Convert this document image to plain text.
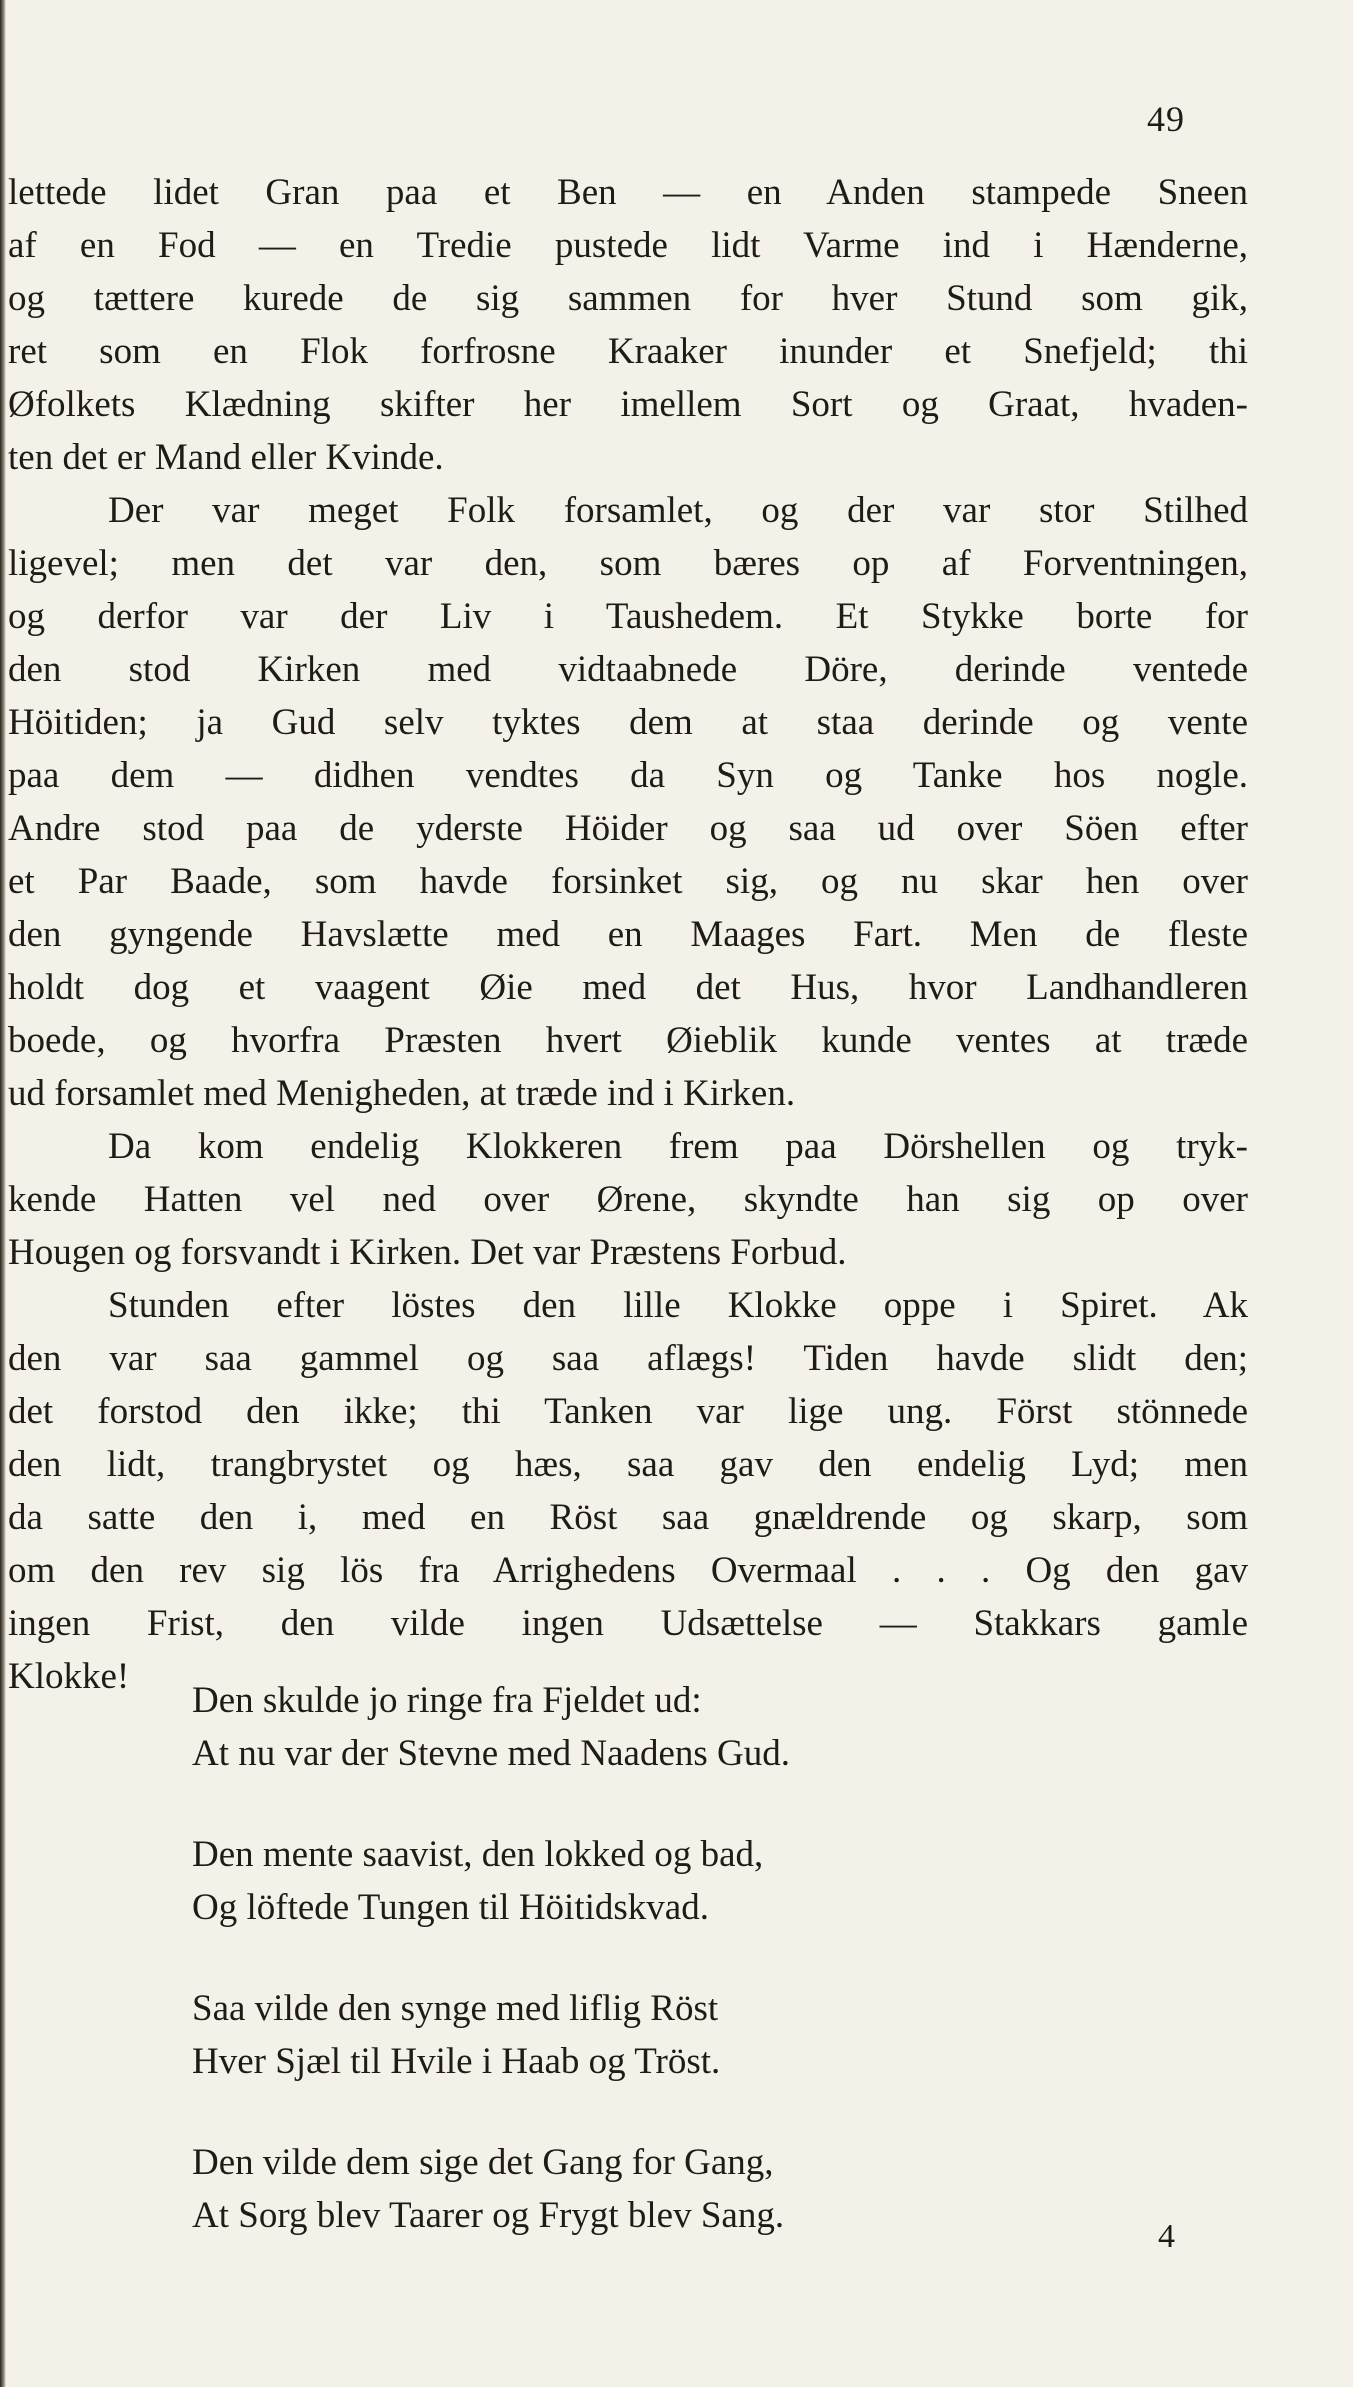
49
lettede lidet Gran paa et Ben — en Anden stampede Sneen
af en Fod — en Tredie pustede lidt Varme ind i Hænderne,
og tættere kurede de sig sammen for hver Stund som gik,
ret som en Flok forfrosne Kraaker inunder et Snefjeld; thi
Øfolkets Klædning skifter her imellem Sort og Graat, hvaden-
ten det er Mand eller Kvinde.
Der var meget Folk forsamlet, og der var stor Stilhed
ligevel; men det var den, som bæres op af Forventningen,
og derfor var der Liv i Taushedem. Et Stykke borte for
den stod Kirken med vidtaabnede Döre, derinde ventede
Höitiden; ja Gud selv tyktes dem at staa derinde og vente
paa dem — didhen vendtes da Syn og Tanke hos nogle.
Andre stod paa de yderste Höider og saa ud over Söen efter
et Par Baade, som havde forsinket sig, og nu skar hen over
den gyngende Havslætte med en Maages Fart. Men de fleste
holdt dog et vaagent Øie med det Hus, hvor Landhandleren
boede, og hvorfra Præsten hvert Øieblik kunde ventes at træde
ud forsamlet med Menigheden, at træde ind i Kirken.
Da kom endelig Klokkeren frem paa Dörshellen og tryk-
kende Hatten vel ned over Ørene, skyndte han sig op over
Hougen og forsvandt i Kirken. Det var Præstens Forbud.
Stunden efter löstes den lille Klokke oppe i Spiret. Ak
den var saa gammel og saa aflægs! Tiden havde slidt den;
det forstod den ikke; thi Tanken var lige ung. Först stönnede
den lidt, trangbrystet og hæs, saa gav den endelig Lyd; men
da satte den i, med en Röst saa gnældrende og skarp, som
om den rev sig lös fra Arrighedens Overmaal . . . Og den gav
ingen Frist, den vilde ingen Udsættelse — Stakkars gamle
Klokke!
Den skulde jo ringe fra Fjeldet ud:
At nu var der Stevne med Naadens Gud.
Den mente saavist, den lokked og bad,
Og löftede Tungen til Höitidskvad.
Saa vilde den synge med liflig Röst
Hver Sjæl til Hvile i Haab og Tröst.
Den vilde dem sige det Gang for Gang,
At Sorg blev Taarer og Frygt blev Sang.
4
